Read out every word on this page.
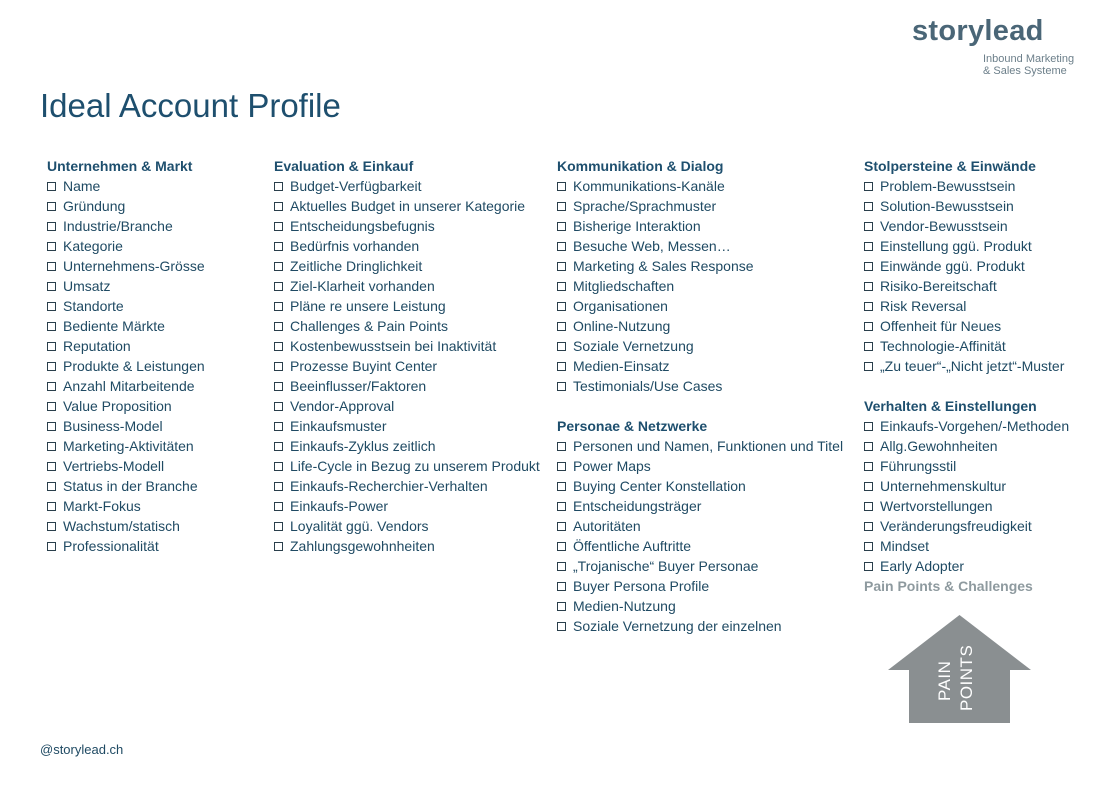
storylead
Inbound Marketing
& Sales Systeme
Ideal Account Profile
Unternehmen & Markt
Name
Gründung
Industrie/Branche
Kategorie
Unternehmens-Grösse
Umsatz
Standorte
Bediente Märkte
Reputation
Produkte & Leistungen
Anzahl Mitarbeitende
Value Proposition
Business-Model
Marketing-Aktivitäten
Vertriebs-Modell
Status in der Branche
Markt-Fokus
Wachstum/statisch
Professionalität
Evaluation & Einkauf
Budget-Verfügbarkeit
Aktuelles Budget in unserer Kategorie
Entscheidungsbefugnis
Bedürfnis vorhanden
Zeitliche Dringlichkeit
Ziel-Klarheit vorhanden
Pläne re unsere Leistung
Challenges & Pain Points
Kostenbewusstsein bei Inaktivität
Prozesse Buyint Center
Beeinflusser/Faktoren
Vendor-Approval
Einkaufsmuster
Einkaufs-Zyklus zeitlich
Life-Cycle in Bezug zu unserem Produkt
Einkaufs-Recherchier-Verhalten
Einkaufs-Power
Loyalität ggü. Vendors
Zahlungsgewohnheiten
Kommunikation & Dialog
Kommunikations-Kanäle
Sprache/Sprachmuster
Bisherige Interaktion
Besuche Web, Messen…
Marketing & Sales Response
Mitgliedschaften
Organisationen
Online-Nutzung
Soziale Vernetzung
Medien-Einsatz
Testimonials/Use Cases
Personae & Netzwerke
Personen und Namen, Funktionen und Titel
Power Maps
Buying Center Konstellation
Entscheidungsträger
Autoritäten
Öffentliche Auftritte
„Trojanische“ Buyer Personae
Buyer Persona Profile
Medien-Nutzung
Soziale Vernetzung der einzelnen
Stolpersteine & Einwände
Problem-Bewusstsein
Solution-Bewusstsein
Vendor-Bewusstsein
Einstellung ggü. Produkt
Einwände ggü. Produkt
Risiko-Bereitschaft
Risk Reversal
Offenheit für Neues
Technologie-Affinität
„Zu teuer“-„Nicht jetzt“-Muster
Verhalten & Einstellungen
Einkaufs-Vorgehen/-Methoden
Allg.Gewohnheiten
Führungsstil
Unternehmenskultur
Wertvorstellungen
Veränderungsfreudigkeit
Mindset
Early Adopter
Pain Points & Challenges
PAIN POINTS
@storylead.ch
